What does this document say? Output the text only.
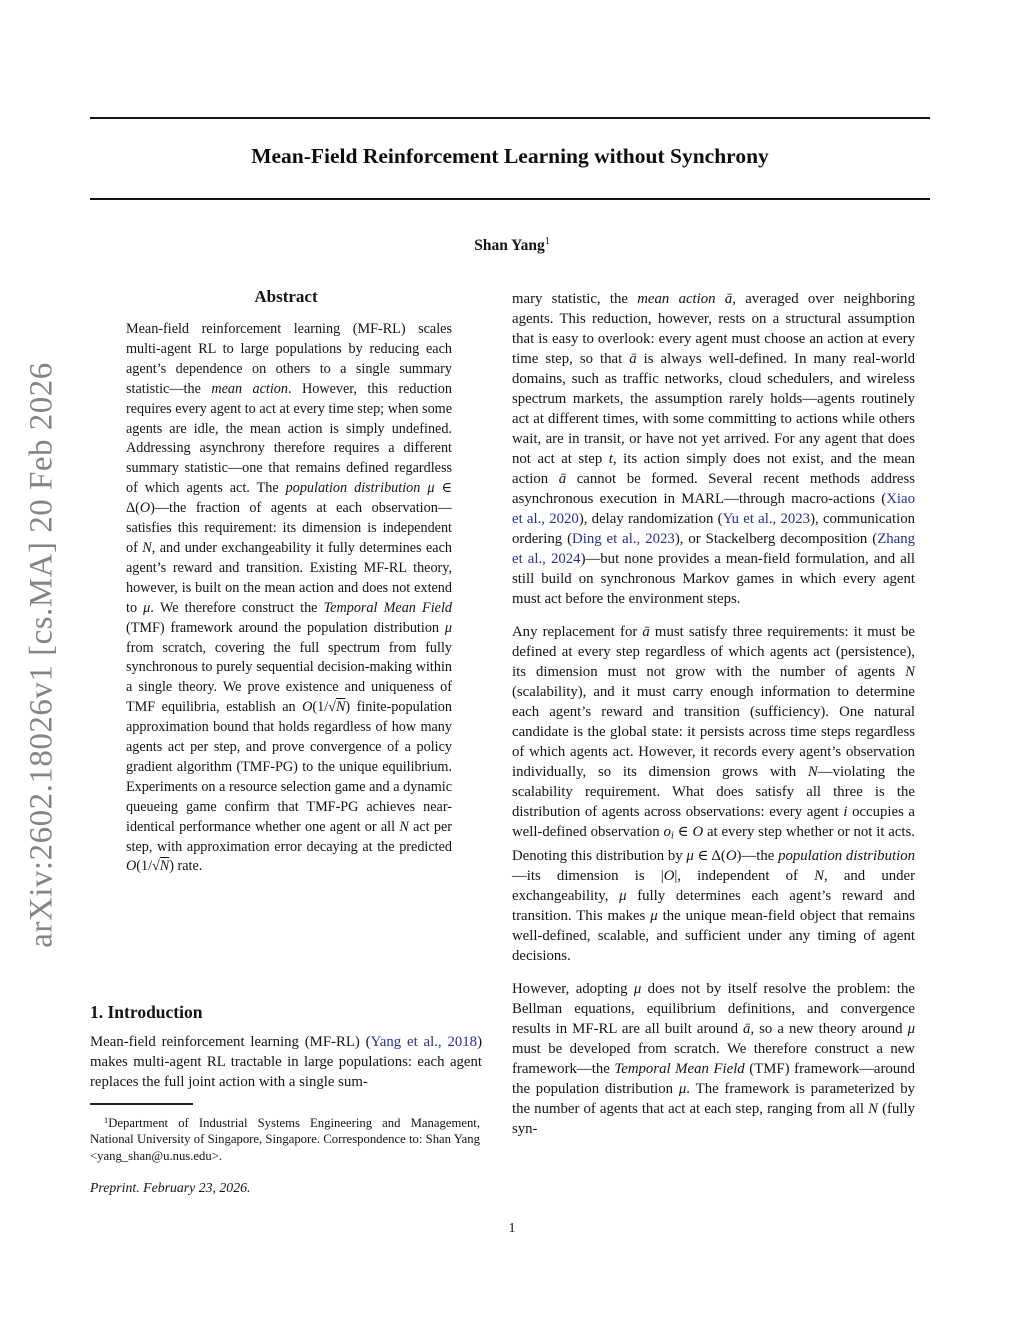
arXiv:2602.18026v1 [cs.MA] 20 Feb 2026
Mean-Field Reinforcement Learning without Synchrony
Shan Yang$^1$
Abstract

Mean-field reinforcement learning (MF-RL) scales multi-agent RL to large populations by reducing each agent’s dependence on others to a single summary statistic—the mean action. However, this reduction requires every agent to act at every time step; when some agents are idle, the mean action is simply undefined. Addressing asynchrony therefore requires a different summary statistic—one that remains defined regardless of which agents act. The population distribution μ ∈ Δ(O)—the fraction of agents at each observation—satisfies this requirement: its dimension is independent of N, and under exchangeability it fully determines each agent’s reward and transition. Existing MF-RL theory, however, is built on the mean action and does not extend to μ. We therefore construct the Temporal Mean Field (TMF) framework around the population distribution μ from scratch, covering the full spectrum from fully synchronous to purely sequential decision-making within a single theory. We prove existence and uniqueness of TMF equilibria, establish an O(1/√N) finite-population approximation bound that holds regardless of how many agents act per step, and prove convergence of a policy gradient algorithm (TMF-PG) to the unique equilibrium. Experiments on a resource selection game and a dynamic queueing game confirm that TMF-PG achieves near-identical performance whether one agent or all N act per step, with approximation error decaying at the predicted O(1/√N) rate.

1. Introduction

Mean-field reinforcement learning (MF-RL) (Yang et al., 2018) makes multi-agent RL tractable in large populations: each agent replaces the full joint action with a single sum-

mary statistic, the mean action ā, averaged over neighboring agents. This reduction, however, rests on a structural assumption that is easy to overlook: every agent must choose an action at every time step, so that ā is always well-defined. In many real-world domains, such as traffic networks, cloud schedulers, and wireless spectrum markets, the assumption rarely holds—agents routinely act at different times, with some committing to actions while others wait, are in transit, or have not yet arrived. For any agent that does not act at step t, its action simply does not exist, and the mean action ā cannot be formed. Several recent methods address asynchronous execution in MARL—through macro-actions (Xiao et al., 2020), delay randomization (Yu et al., 2023), communication ordering (Ding et al., 2023), or Stackelberg decomposition (Zhang et al., 2024)—but none provides a mean-field formulation, and all still build on synchronous Markov games in which every agent must act before the environment steps.

Any replacement for ā must satisfy three requirements: it must be defined at every step regardless of which agents act (persistence), its dimension must not grow with the number of agents N (scalability), and it must carry enough information to determine each agent’s reward and transition (sufficiency). One natural candidate is the global state: it persists across time steps regardless of which agents act. However, it records every agent’s observation individually, so its dimension grows with N—violating the scalability requirement. What does satisfy all three is the distribution of agents across observations: every agent i occupies a well-defined observation oi ∈ O at every step whether or not it acts. Denoting this distribution by μ ∈ Δ(O)—the population distribution—its dimension is |O|, independent of N, and under exchangeability, μ fully determines each agent’s reward and transition. This makes μ the unique mean-field object that remains well-defined, scalable, and sufficient under any timing of agent decisions.

However, adopting μ does not by itself resolve the problem: the Bellman equations, equilibrium definitions, and convergence results in MF-RL are all built around ā, so a new theory around μ must be developed from scratch. We therefore construct a new framework—the Temporal Mean Field (TMF) framework—around the population distribution μ. The framework is parameterized by the number of agents that act at each step, ranging from all N (fully syn-

$^1$Department of Industrial Systems Engineering and Management, National University of Singapore, Singapore. Correspondence to: Shan Yang <yang_shan@u.nus.edu>.

Preprint. February 23, 2026.

1
